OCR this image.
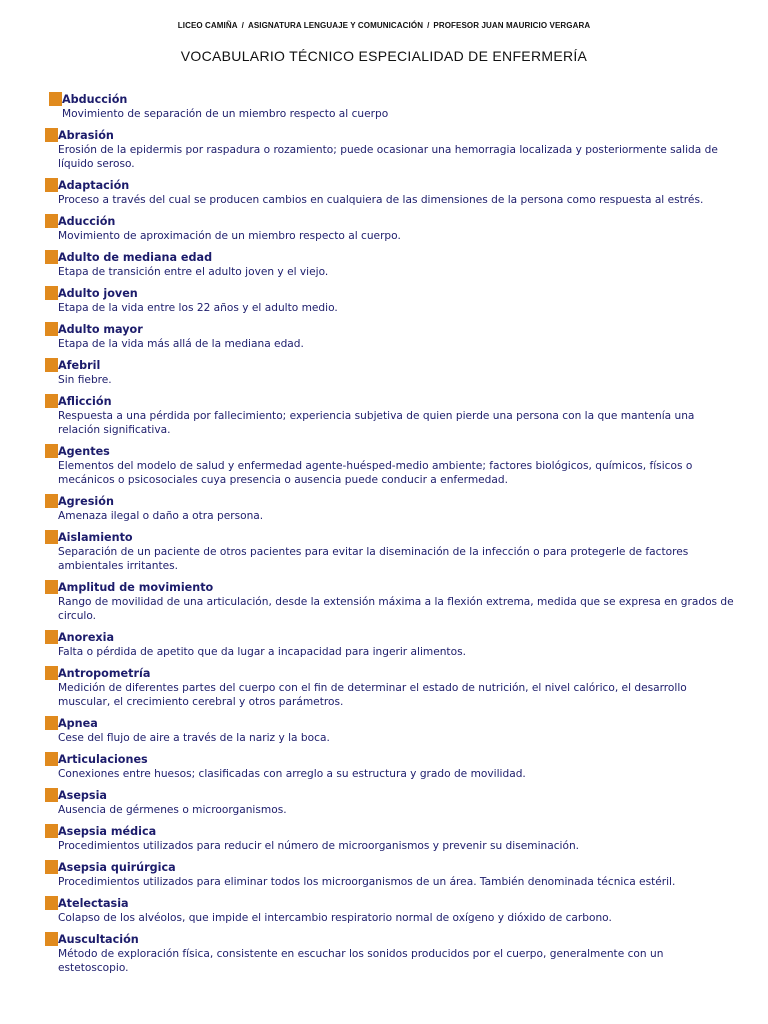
LICEO CAMIÑA / ASIGNATURA LENGUAJE Y COMUNICACIÓN / PROFESOR JUAN MAURICIO VERGARA
VOCABULARIO TÉCNICO ESPECIALIDAD DE ENFERMERÍA
Abducción
Movimiento de separación de un miembro respecto al cuerpo
Abrasión
Erosión de la epidermis por raspadura o rozamiento; puede ocasionar una hemorragia localizada y posteriormente salida de líquido seroso.
Adaptación
Proceso a través del cual se producen cambios en cualquiera de las dimensiones de la persona como respuesta al estrés.
Aducción
Movimiento de aproximación de un miembro respecto al cuerpo.
Adulto de mediana edad
Etapa de transición entre el adulto joven y el viejo.
Adulto joven
Etapa de la vida entre los 22 años y el adulto medio.
Adulto mayor
Etapa de la vida más allá de la mediana edad.
Afebril
Sin fiebre.
Aflicción
Respuesta a una pérdida por fallecimiento; experiencia subjetiva de quien pierde una persona con la que mantenía una relación significativa.
Agentes
Elementos del modelo de salud y enfermedad agente-huésped-medio ambiente; factores biológicos, químicos, físicos o mecánicos o psicosociales cuya presencia o ausencia puede conducir a enfermedad.
Agresión
Amenaza ilegal o daño a otra persona.
Aislamiento
Separación de un paciente de otros pacientes para evitar la diseminación de la infección o para protegerle de factores ambientales irritantes.
Amplitud de movimiento
Rango de movilidad de una articulación, desde la extensión máxima a la flexión extrema, medida que se expresa en grados de circulo.
Anorexia
Falta o pérdida de apetito que da lugar a incapacidad para ingerir alimentos.
Antropometría
Medición de diferentes partes del cuerpo con el fin de determinar el estado de nutrición, el nivel calórico, el desarrollo muscular, el crecimiento cerebral y otros parámetros.
Apnea
Cese del flujo de aire a través de la nariz y la boca.
Articulaciones
Conexiones entre huesos; clasificadas con arreglo a su estructura y grado de movilidad.
Asepsia
Ausencia de gérmenes o microorganismos.
Asepsia médica
Procedimientos utilizados para reducir el número de microorganismos y prevenir su diseminación.
Asepsia quirúrgica
Procedimientos utilizados para eliminar todos los microorganismos de un área. También denominada técnica estéril.
Atelectasia
Colapso de los alvéolos, que impide el intercambio respiratorio normal de oxígeno y dióxido de carbono.
Auscultación
Método de exploración física, consistente en escuchar los sonidos producidos por el cuerpo, generalmente con un estetoscopio.
